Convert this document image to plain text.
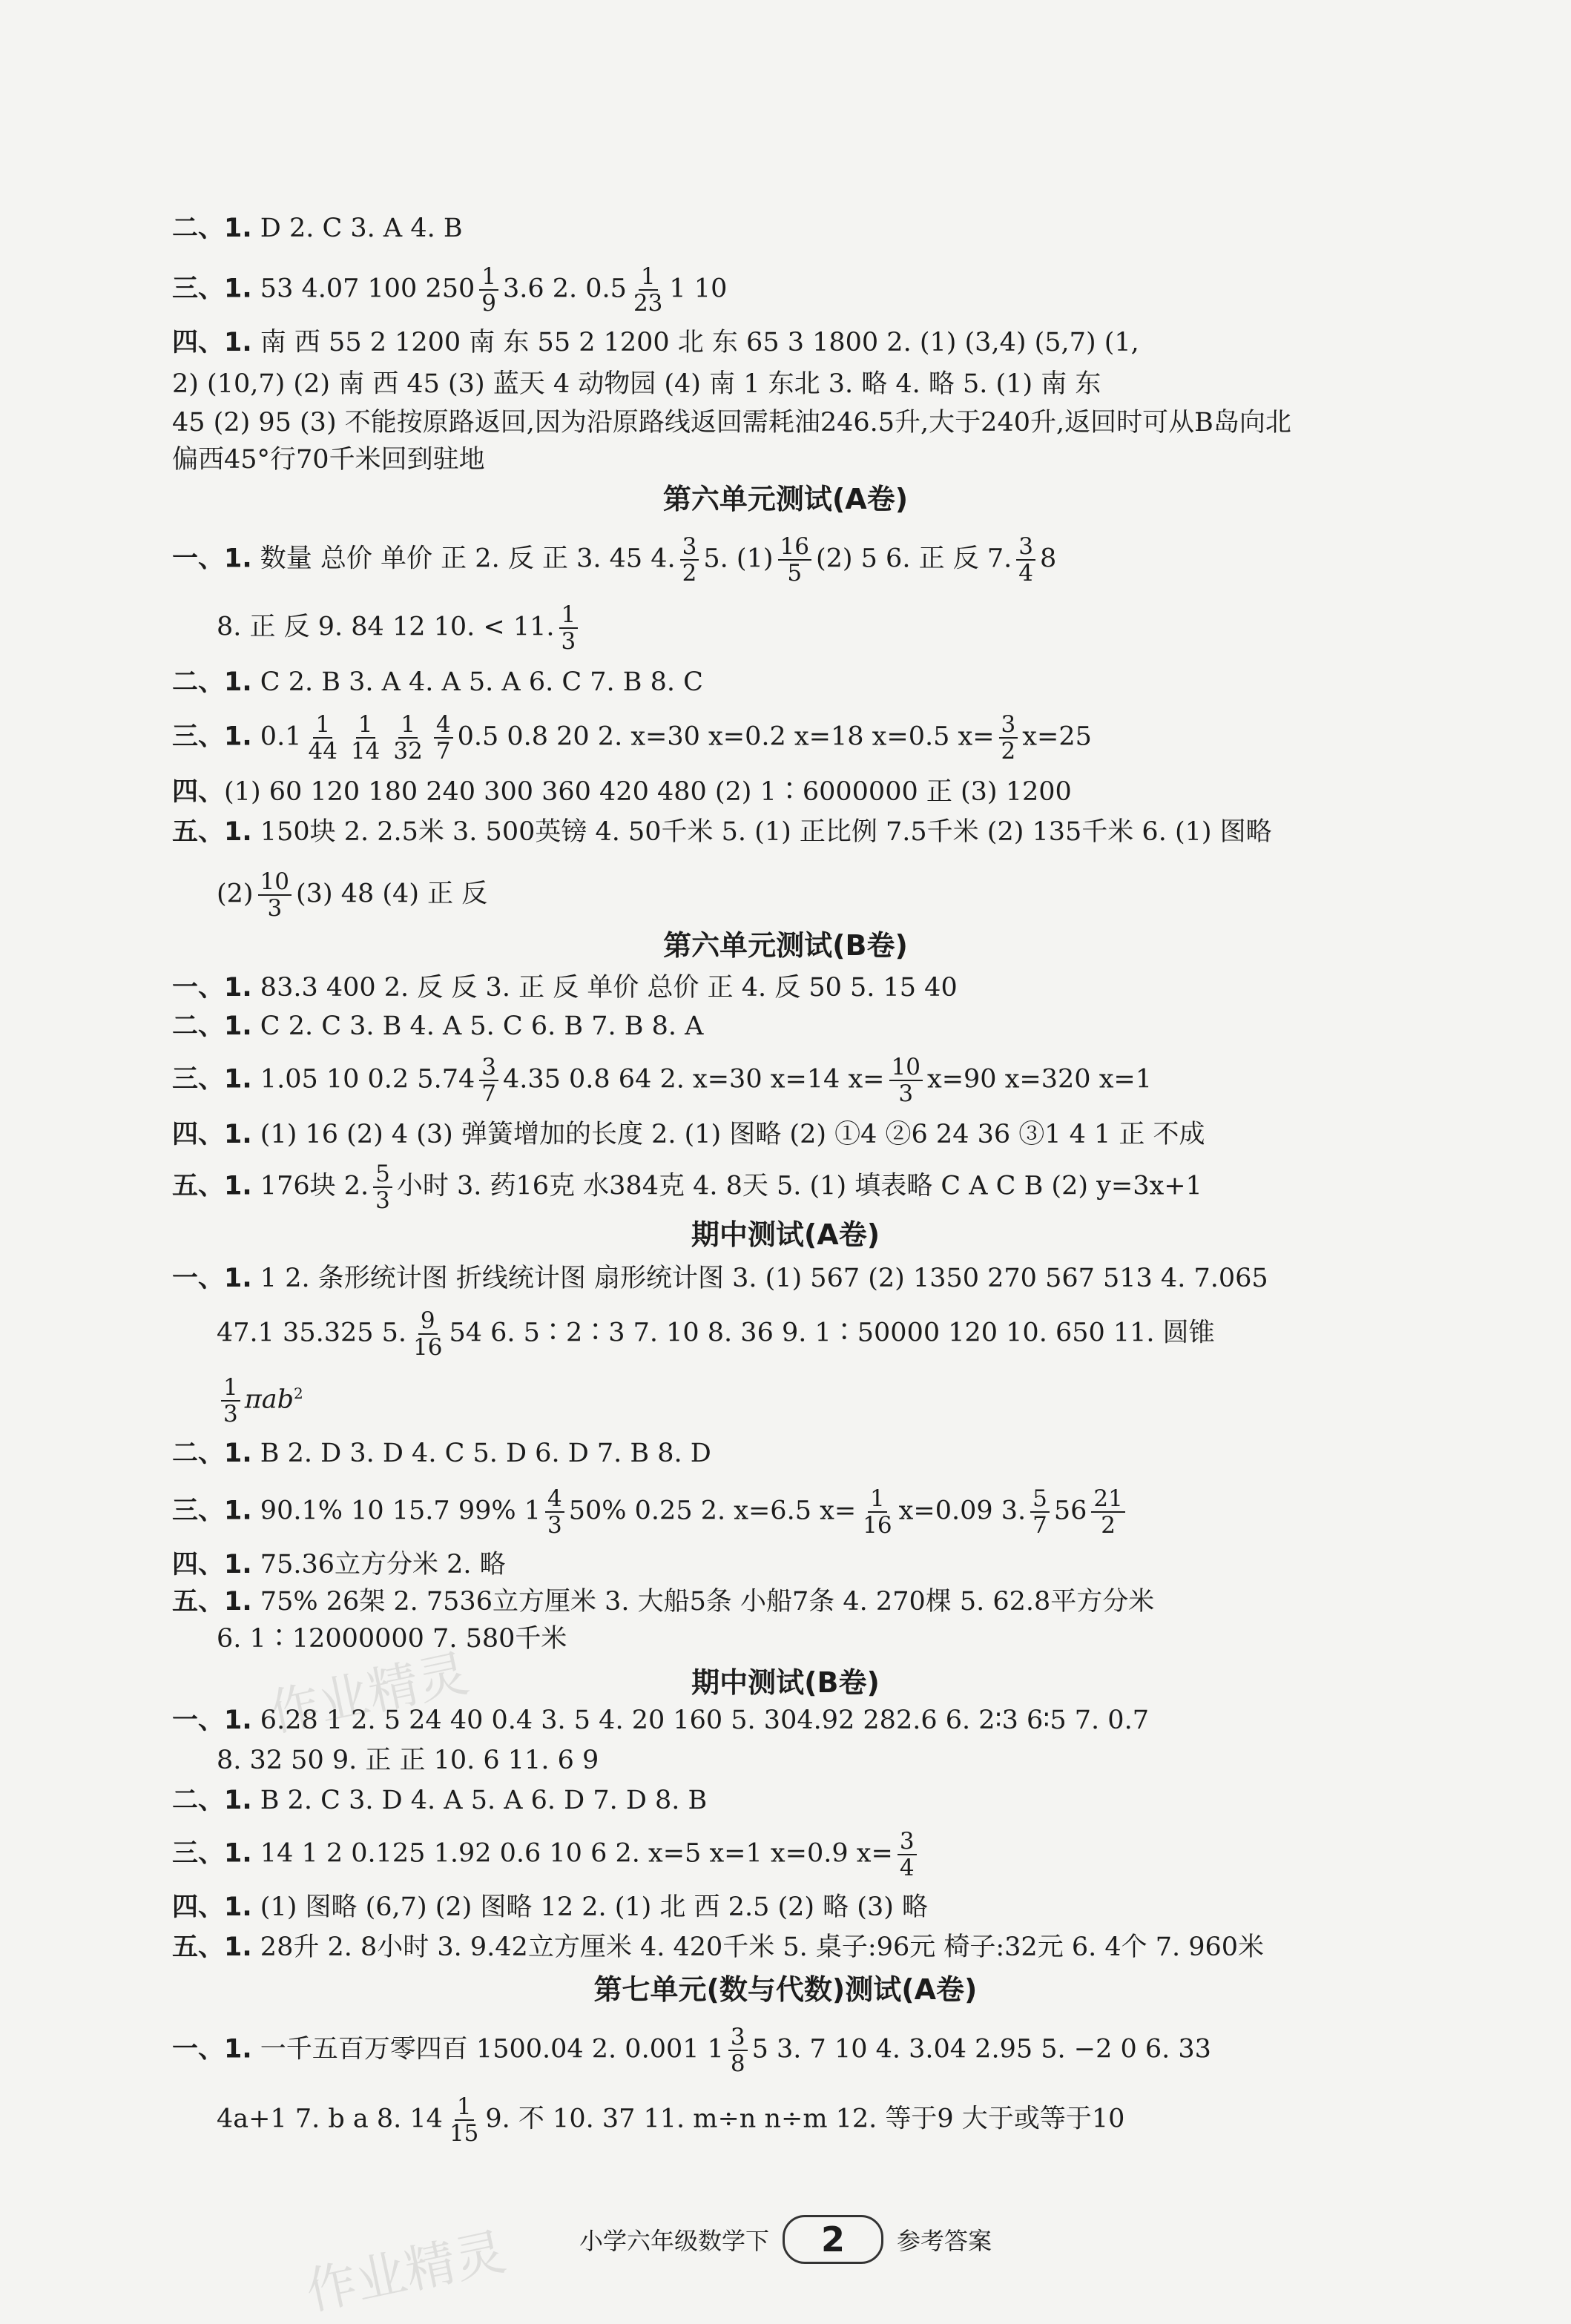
二、1. D 2. C 3. A 4. B
三、1. 53 4.07 100 $250 \frac{1}{9} 3.6$ 2. $0.5 \frac{1}{23} 1$ 10
四、1. 南 西 55 2 1200 南 东 55 2 1200 北 东 65 3 1800 2. (1) (3,4) (5,7) (1,
2) (10,7) (2) 南 西 45 (3) 蓝天 4 动物园 (4) 南 1 东北 3. 略 4. 略 5. (1) 南 东
45 (2) 95 (3) 不能按原路返回,因为沿原路线返回需耗油246.5升,大于240升,返回时可从B岛向北
偏西45°行70千米回到驻地
第六单元测试(A卷)
一、1. 数量 总价 单价 正 2. 反 正 3. 45 4. $\frac{3}{2} 5$. $(1) \frac{16}{5} (2)$ 5 6. 正 反 7. $\frac{3}{4} 8$
8. 正 反 9. 84 12 10. < 11. $\frac{1}{3}$
二、1. C 2. B 3. A 4. A 5. A 6. C 7. B 8. C
三、1. $0.1 \frac{1}{44} \frac{1}{14} \frac{1}{32} \frac{4}{7} 0.5$ 0.8 20 2. x=30 x=0.2 x=18 x=0.5 $x= \frac{3}{2} x=25$
四、(1) 60 120 180 240 300 360 420 480 (2) 1∶6000000 正 (3) 1200
五、1. 150块 2. 2.5米 3. 500英镑 4. 50千米 5. (1) 正比例 7.5千米 (2) 135千米 6. (1) 图略
$(2) \frac{10}{3} (3)$ 48 (4) 正 反
第六单元测试(B卷)
一、1. 83.3 400 2. 反 反 3. 正 反 单价 总价 正 4. 反 50 5. 15 40
二、1. C 2. C 3. B 4. A 5. C 6. B 7. B 8. A
三、1. 1.05 10 0.2 $5.74 \frac{3}{7} 4.35$ 0.8 64 2. x=30 x=14 $x= \frac{10}{3} x=90$ x=320 x=1
四、1. (1) 16 (2) 4 (3) 弹簧增加的长度 2. (1) 图略 (2) ①4 ②6 24 36 ③1 4 1 正 不成
五、1. 176块 2. $\frac{5}{3}$ 小时 3. 药16克 水384克 4. 8天 5. (1) 填表略 C A C B (2) y=3x+1
期中测试(A卷)
一、1. 1 2. 条形统计图 折线统计图 扇形统计图 3. (1) 567 (2) 1350 270 567 513 4. 7.065
47.1 35.325 5. $\frac{9}{16} 54$ 6. 5∶2∶3 7. 10 8. 36 9. 1∶50000 120 10. 650 11. 圆锥
$\frac{1}{3} \pi ab^2$
二、1. B 2. D 3. D 4. C 5. D 6. D 7. B 8. D
三、1. 90.1% 10 15.7 99% $1 \frac{4}{3} 50\%$ 0.25 2. x=6.5 $x= \frac{1}{16} x=0.09$ 3. $\frac{5}{7} 56 \frac{21}{2}$
四、1. 75.36立方分米 2. 略
五、1. 75% 26架 2. 7536立方厘米 3. 大船5条 小船7条 4. 270棵 5. 62.8平方分米
6. 1∶12000000 7. 580千米
期中测试(B卷)
一、1. 6.28 1 2. 5 24 40 0.4 3. 5 4. 20 160 5. 304.92 282.6 6. 2∶3 6∶5 7. 0.7
8. 32 50 9. 正 正 10. 6 11. 6 9
二、1. B 2. C 3. D 4. A 5. A 6. D 7. D 8. B
三、1. 14 1 2 0.125 1.92 0.6 10 6 2. x=5 x=1 x=0.9 $x= \frac{3}{4}$
四、1. (1) 图略 (6,7) (2) 图略 12 2. (1) 北 西 2.5 (2) 略 (3) 略
五、1. 28升 2. 8小时 3. 9.42立方厘米 4. 420千米 5. 桌子:96元 椅子:32元 6. 4个 7. 960米
第七单元(数与代数)测试(A卷)
一、1. 一千五百万零四百 1500.04 2. 0.001 $1 \frac{3}{8} 5$ 3. 7 10 4. 3.04 2.95 5. −2 0 6. 33
4a+1 7. b a 8. $14 \frac{1}{15} 9$. 不 10. 37 11. m÷n n÷m 12. 等于9 大于或等于10
小学六年级数学下 2 参考答案
作业精灵
作业精灵
